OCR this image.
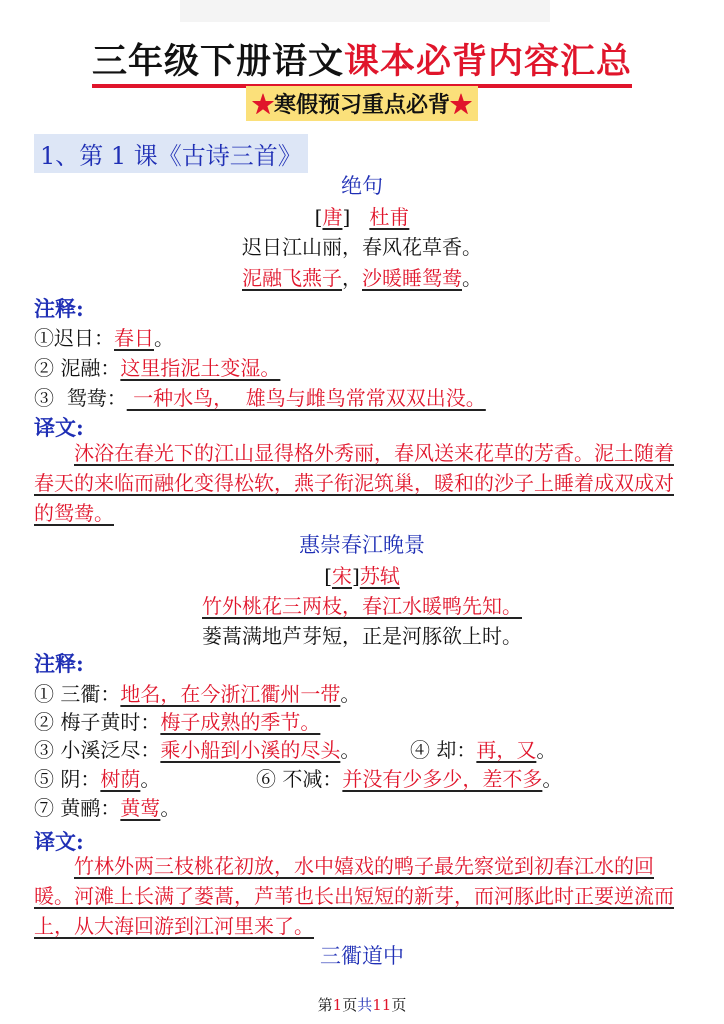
三年级下册语文课本必背内容汇总
★寒假预习重点必背★
1、第 1 课《古诗三首》
绝句
[唐]   杜甫
迟日江山丽，春风花草香。
泥融飞燕子，沙暖睡鸳鸯。
注释:
①迟日：春日。
② 泥融：这里指泥土变湿。
③  鸳鸯： 一种水鸟，  雄鸟与雌鸟常常双双出没。
译文:
沐浴在春光下的江山显得格外秀丽，春风送来花草的芳香。泥土随着春天的来临而融化变得松软，燕子衔泥筑巢，暖和的沙子上睡着成双成对的鸳鸯。
惠崇春江晚景
[宋]苏轼
竹外桃花三两枝，春江水暖鸭先知。
蒌蒿满地芦芽短，正是河豚欲上时。
注释:
① 三衢：地名，在今浙江衢州一带。
② 梅子黄时：梅子成熟的季节。
③ 小溪泛尽：乘小船到小溪的尽头。	④ 却：再，又。
⑤ 阴：树荫。	⑥ 不减：并没有少多少，差不多。
⑦ 黄鹂：黄莺。
译文:
竹林外两三枝桃花初放，水中嬉戏的鸭子最先察觉到初春江水的回暖。河滩上长满了蒌蒿，芦苇也长出短短的新芽，而河豚此时正要逆流而上，从大海回游到江河里来了。
三衢道中
第1页共11页
